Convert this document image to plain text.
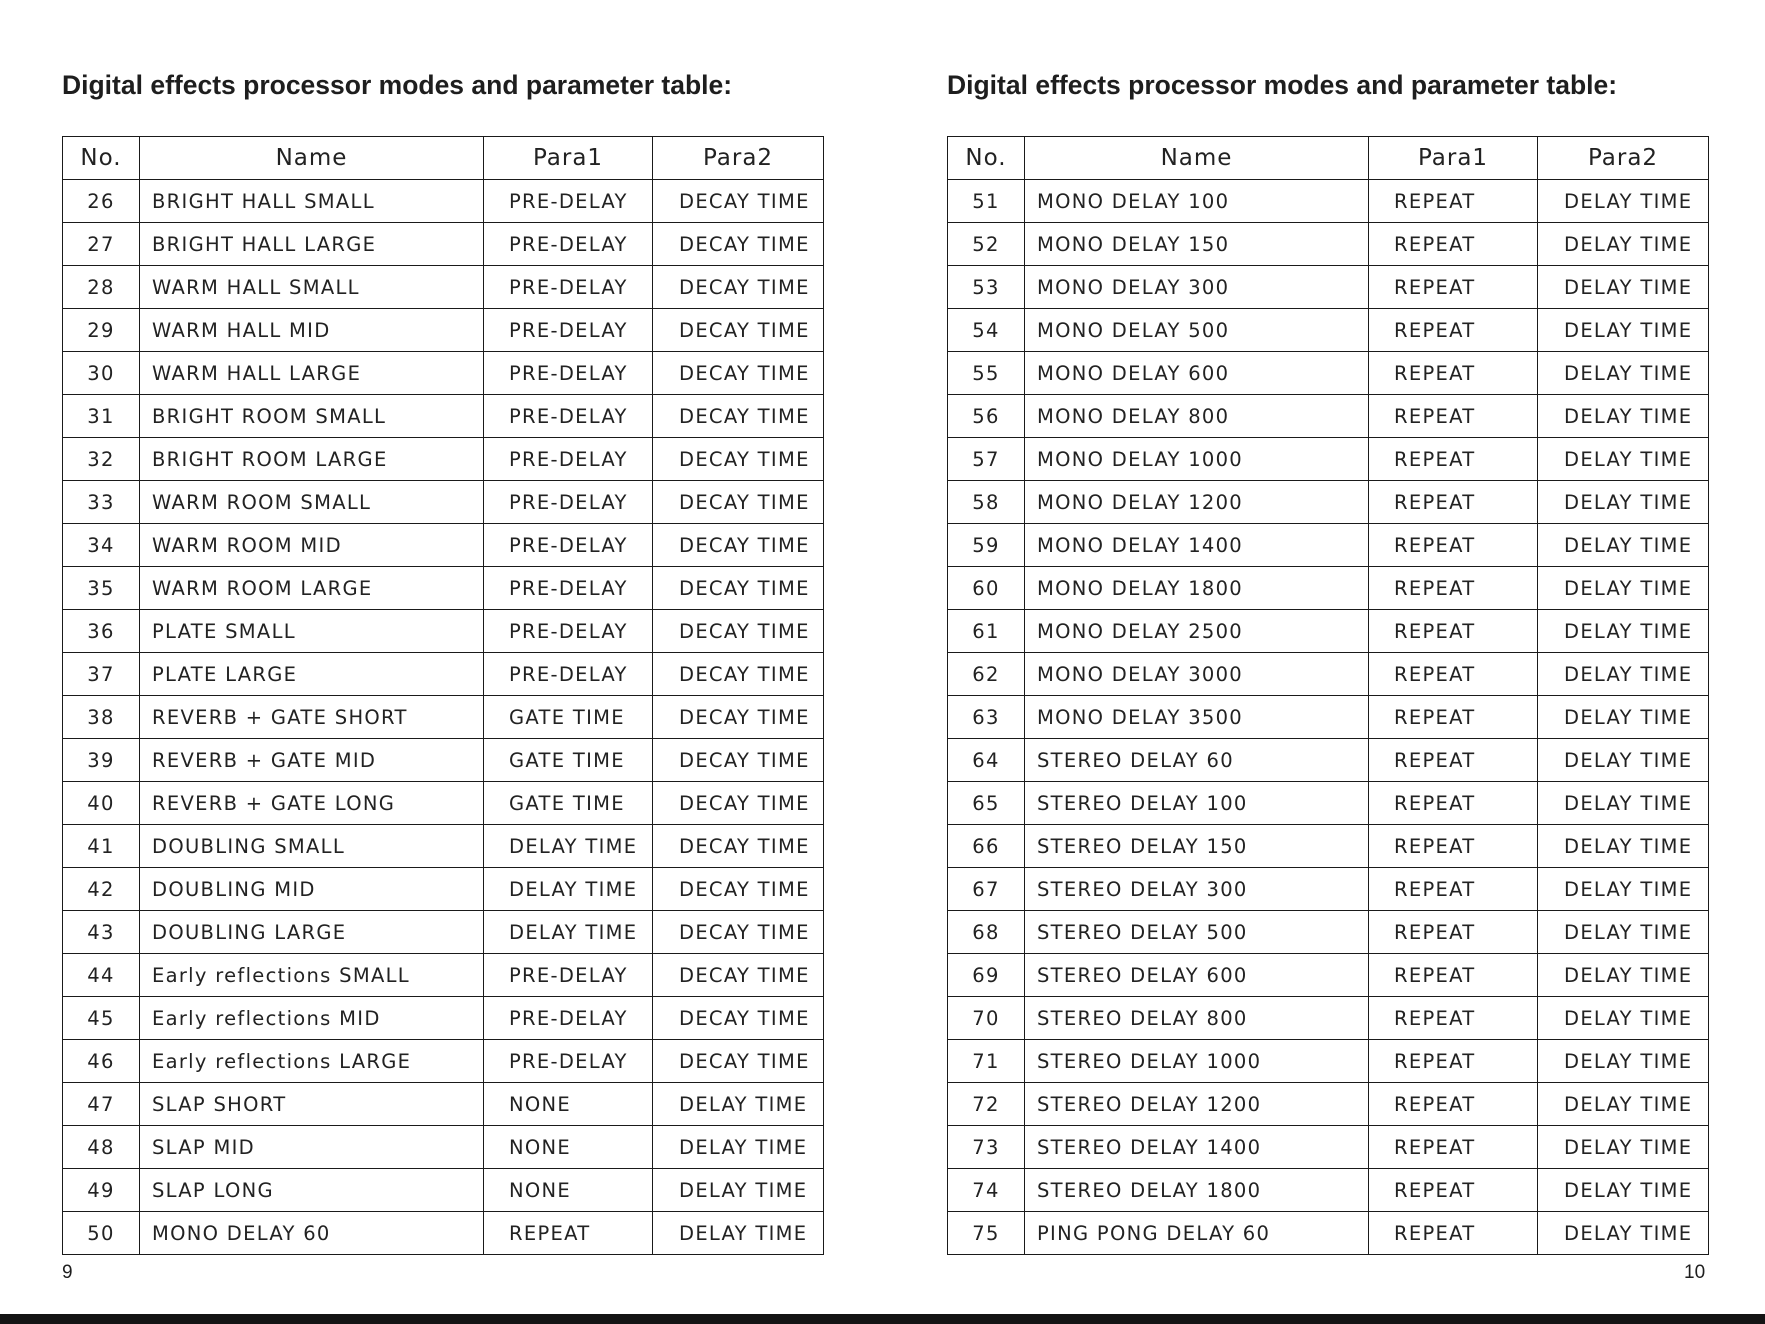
Digital effects processor modes and parameter table:
No.	Name	Para1	Para2
26	BRIGHT HALL SMALL	PRE-DELAY	DECAY TIME
27	BRIGHT HALL LARGE	PRE-DELAY	DECAY TIME
28	WARM HALL SMALL	PRE-DELAY	DECAY TIME
29	WARM HALL MID	PRE-DELAY	DECAY TIME
30	WARM HALL LARGE	PRE-DELAY	DECAY TIME
31	BRIGHT ROOM SMALL	PRE-DELAY	DECAY TIME
32	BRIGHT ROOM LARGE	PRE-DELAY	DECAY TIME
33	WARM ROOM SMALL	PRE-DELAY	DECAY TIME
34	WARM ROOM MID	PRE-DELAY	DECAY TIME
35	WARM ROOM LARGE	PRE-DELAY	DECAY TIME
36	PLATE SMALL	PRE-DELAY	DECAY TIME
37	PLATE LARGE	PRE-DELAY	DECAY TIME
38	REVERB + GATE SHORT	GATE TIME	DECAY TIME
39	REVERB + GATE MID	GATE TIME	DECAY TIME
40	REVERB + GATE LONG	GATE TIME	DECAY TIME
41	DOUBLING SMALL	DELAY TIME	DECAY TIME
42	DOUBLING MID	DELAY TIME	DECAY TIME
43	DOUBLING LARGE	DELAY TIME	DECAY TIME
44	Early reflections SMALL	PRE-DELAY	DECAY TIME
45	Early reflections MID	PRE-DELAY	DECAY TIME
46	Early reflections LARGE	PRE-DELAY	DECAY TIME
47	SLAP SHORT	NONE	DELAY TIME
48	SLAP MID	NONE	DELAY TIME
49	SLAP LONG	NONE	DELAY TIME
50	MONO DELAY 60	REPEAT	DELAY TIME
9
Digital effects processor modes and parameter table:
No.	Name	Para1	Para2
51	MONO DELAY 100	REPEAT	DELAY TIME
52	MONO DELAY 150	REPEAT	DELAY TIME
53	MONO DELAY 300	REPEAT	DELAY TIME
54	MONO DELAY 500	REPEAT	DELAY TIME
55	MONO DELAY 600	REPEAT	DELAY TIME
56	MONO DELAY 800	REPEAT	DELAY TIME
57	MONO DELAY 1000	REPEAT	DELAY TIME
58	MONO DELAY 1200	REPEAT	DELAY TIME
59	MONO DELAY 1400	REPEAT	DELAY TIME
60	MONO DELAY 1800	REPEAT	DELAY TIME
61	MONO DELAY 2500	REPEAT	DELAY TIME
62	MONO DELAY 3000	REPEAT	DELAY TIME
63	MONO DELAY 3500	REPEAT	DELAY TIME
64	STEREO DELAY 60	REPEAT	DELAY TIME
65	STEREO DELAY 100	REPEAT	DELAY TIME
66	STEREO DELAY 150	REPEAT	DELAY TIME
67	STEREO DELAY 300	REPEAT	DELAY TIME
68	STEREO DELAY 500	REPEAT	DELAY TIME
69	STEREO DELAY 600	REPEAT	DELAY TIME
70	STEREO DELAY 800	REPEAT	DELAY TIME
71	STEREO DELAY 1000	REPEAT	DELAY TIME
72	STEREO DELAY 1200	REPEAT	DELAY TIME
73	STEREO DELAY 1400	REPEAT	DELAY TIME
74	STEREO DELAY 1800	REPEAT	DELAY TIME
75	PING PONG DELAY 60	REPEAT	DELAY TIME
10
